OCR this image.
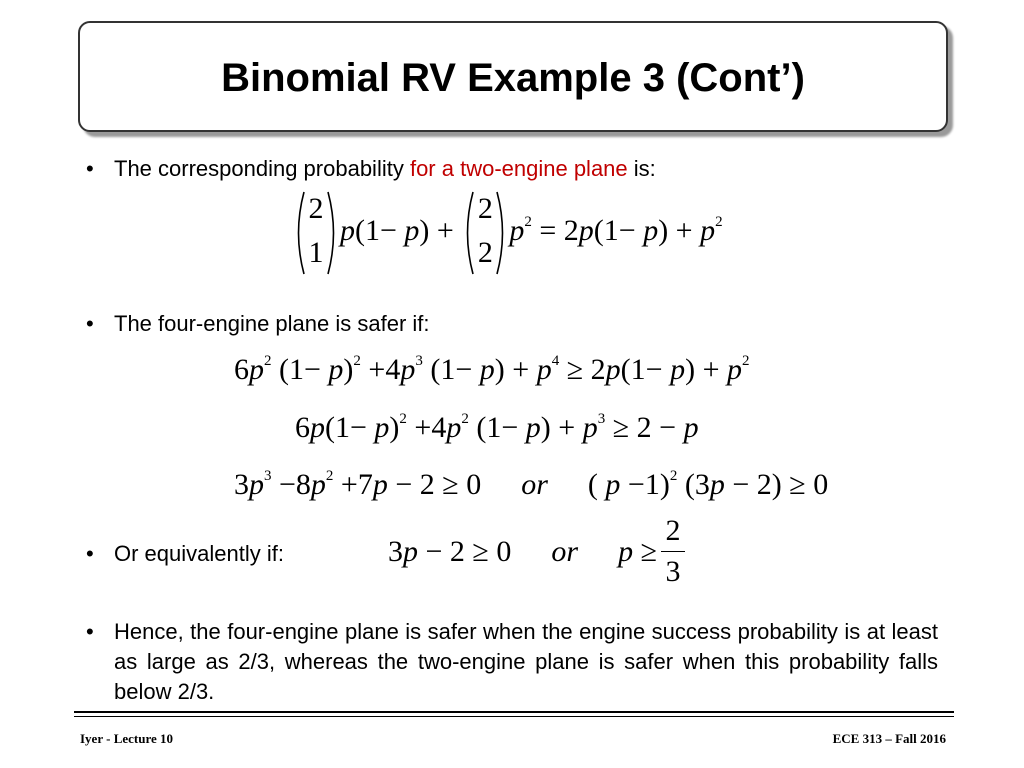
Binomial RV Example 3 (Cont’)
• The corresponding probability for a two-engine plane is:
2
1
p(1− p) +
2
2
$p^2 = 2p(1- p) + p^2$
• The four-engine plane is safer if:
$6p^2$ $(1- p)^2 +4p^3$ $(1- p) + p^4 \ge 2p(1- p) + p^2$
$6p(1- p)^2 +4p^2$ $(1- p) + p^3 \ge 2 - p$
$3p^3 -8p^2 +7p - 2 \ge 0$ or ( p −1)$^2$ (3p − 2) ≥ 0
• Or equivalently if:	3p − 2 ≥ 0 or $p \ge \frac{2}{3}$
• Hence, the four-engine plane is safer when the engine success probability is at least as large as 2/3, whereas the two-engine plane is safer when this probability falls below 2/3.
Iyer - Lecture 10	ECE 313 – Fall 2016
